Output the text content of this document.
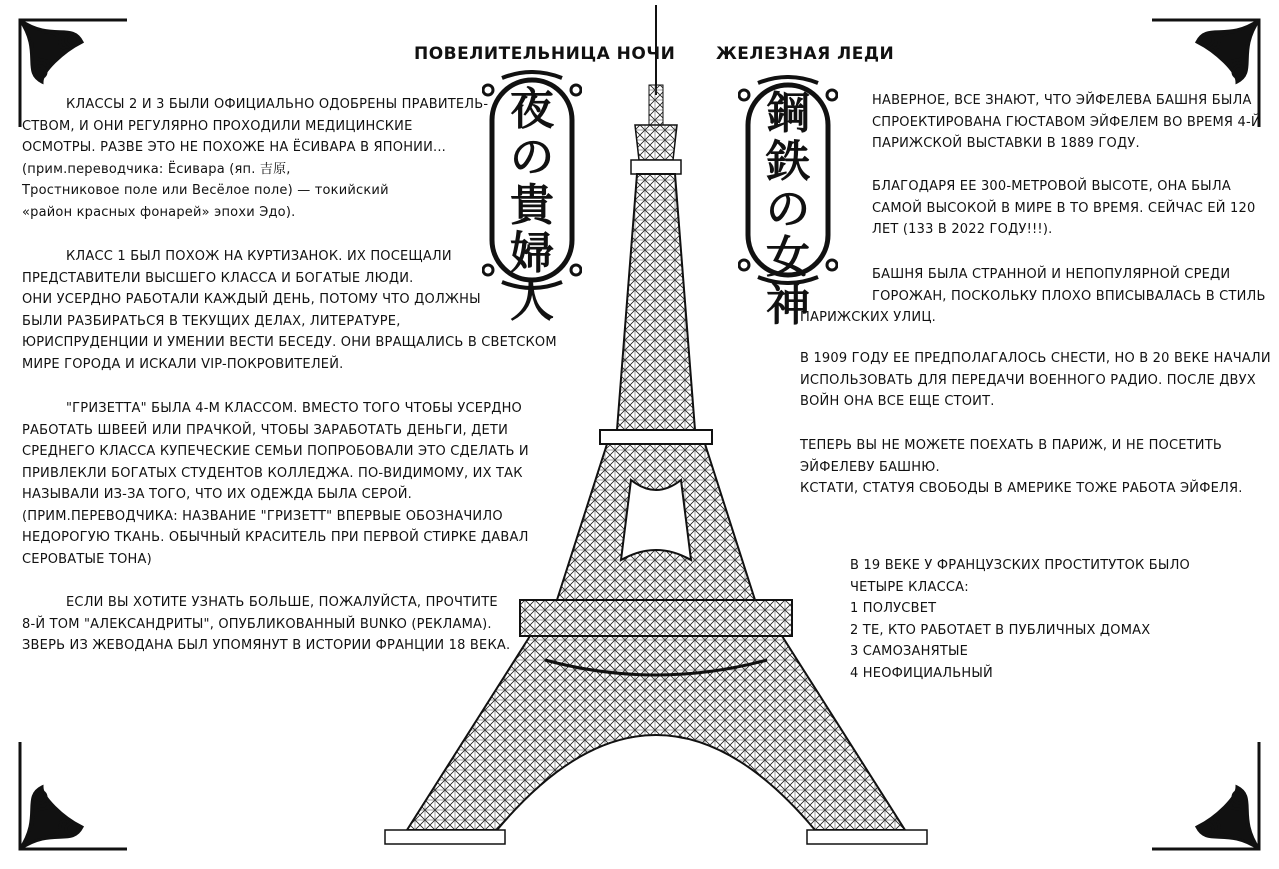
ПОВЕЛИТЕЛЬНИЦА НОЧИ ЖЕЛЕЗНАЯ ЛЕДИ
夜
の
貴
婦
人
鋼
鉄
の
女
神
КЛАССЫ 2 И 3 БЫЛИ ОФИЦИАЛЬНО ОДОБРЕНЫ ПРАВИТЕЛЬ-
СТВОМ, И ОНИ РЕГУЛЯРНО ПРОХОДИЛИ МЕДИЦИНСКИЕ
ОСМОТРЫ. РАЗВЕ ЭТО НЕ ПОХОЖЕ НА ЁСИВАРА В ЯПОНИИ...
(прим.переводчика: Ёсивара (яп. 吉原,
Тростниковое поле или Весёлое поле) — токийский
«район красных фонарей» эпохи Эдо).
КЛАСС 1 БЫЛ ПОХОЖ НА КУРТИЗАНОК. ИХ ПОСЕЩАЛИ
ПРЕДСТАВИТЕЛИ ВЫСШЕГО КЛАССА И БОГАТЫЕ ЛЮДИ.
ОНИ УСЕРДНО РАБОТАЛИ КАЖДЫЙ ДЕНЬ, ПОТОМУ ЧТО ДОЛЖНЫ
БЫЛИ РАЗБИРАТЬСЯ В ТЕКУЩИХ ДЕЛАХ, ЛИТЕРАТУРЕ,
ЮРИСПРУДЕНЦИИ И УМЕНИИ ВЕСТИ БЕСЕДУ. ОНИ ВРАЩАЛИСЬ В СВЕТСКОМ
МИРЕ ГОРОДА И ИСКАЛИ VIP-ПОКРОВИТЕЛЕЙ.
"ГРИЗЕТТА" БЫЛА 4-М КЛАССОМ. ВМЕСТО ТОГО ЧТОБЫ УСЕРДНО
РАБОТАТЬ ШВЕЕЙ ИЛИ ПРАЧКОЙ, ЧТОБЫ ЗАРАБОТАТЬ ДЕНЬГИ, ДЕТИ
СРЕДНЕГО КЛАССА КУПЕЧЕСКИЕ СЕМЬИ ПОПРОБОВАЛИ ЭТО СДЕЛАТЬ И
ПРИВЛЕКЛИ БОГАТЫХ СТУДЕНТОВ КОЛЛЕДЖА. ПО-ВИДИМОМУ, ИХ ТАК
НАЗЫВАЛИ ИЗ-ЗА ТОГО, ЧТО ИХ ОДЕЖДА БЫЛА СЕРОЙ.
(ПРИМ.ПЕРЕВОДЧИКА: НАЗВАНИЕ "ГРИЗЕТТ" ВПЕРВЫЕ ОБОЗНАЧИЛО
НЕДОРОГУЮ ТКАНЬ. ОБЫЧНЫЙ КРАСИТЕЛЬ ПРИ ПЕРВОЙ СТИРКЕ ДАВАЛ
СЕРОВАТЫЕ ТОНА)
ЕСЛИ ВЫ ХОТИТЕ УЗНАТЬ БОЛЬШЕ, ПОЖАЛУЙСТА, ПРОЧТИТЕ
8-Й ТОМ "АЛЕКСАНДРИТЫ", ОПУБЛИКОВАННЫЙ BUNKO (РЕКЛАМА).
ЗВЕРЬ ИЗ ЖЕВОДАНА БЫЛ УПОМЯНУТ В ИСТОРИИ ФРАНЦИИ 18 ВЕКА.
НАВЕРНОЕ, ВСЕ ЗНАЮТ, ЧТО ЭЙФЕЛЕВА БАШНЯ БЫЛА
СПРОЕКТИРОВАНА ГЮСТАВОМ ЭЙФЕЛЕМ ВО ВРЕМЯ 4-Й
ПАРИЖСКОЙ ВЫСТАВКИ В 1889 ГОДУ.
БЛАГОДАРЯ ЕЕ 300-МЕТРОВОЙ ВЫСОТЕ, ОНА БЫЛА
САМОЙ ВЫСОКОЙ В МИРЕ В ТО ВРЕМЯ. СЕЙЧАС ЕЙ 120
ЛЕТ (133 В 2022 ГОДУ!!!).
БАШНЯ БЫЛА СТРАННОЙ И НЕПОПУЛЯРНОЙ СРЕДИ
ГОРОЖАН, ПОСКОЛЬКУ ПЛОХО ВПИСЫВАЛАСЬ В СТИЛЬ
ПАРИЖСКИХ УЛИЦ.
В 1909 ГОДУ ЕЕ ПРЕДПОЛАГАЛОСЬ СНЕСТИ, НО В 20 ВЕКЕ НАЧАЛИ
ИСПОЛЬЗОВАТЬ ДЛЯ ПЕРЕДАЧИ ВОЕННОГО РАДИО. ПОСЛЕ ДВУХ
ВОЙН ОНА ВСЕ ЕЩЕ СТОИТ.
ТЕПЕРЬ ВЫ НЕ МОЖЕТЕ ПОЕХАТЬ В ПАРИЖ, И НЕ ПОСЕТИТЬ
ЭЙФЕЛЕВУ БАШНЮ.
КСТАТИ, СТАТУЯ СВОБОДЫ В АМЕРИКЕ ТОЖЕ РАБОТА ЭЙФЕЛЯ.
В 19 ВЕКЕ У ФРАНЦУЗСКИХ ПРОСТИТУТОК БЫЛО
ЧЕТЫРЕ КЛАССА:
1 ПОЛУСВЕТ
2 ТЕ, КТО РАБОТАЕТ В ПУБЛИЧНЫХ ДОМАХ
3 САМОЗАНЯТЫЕ
4 НЕОФИЦИАЛЬНЫЙ
